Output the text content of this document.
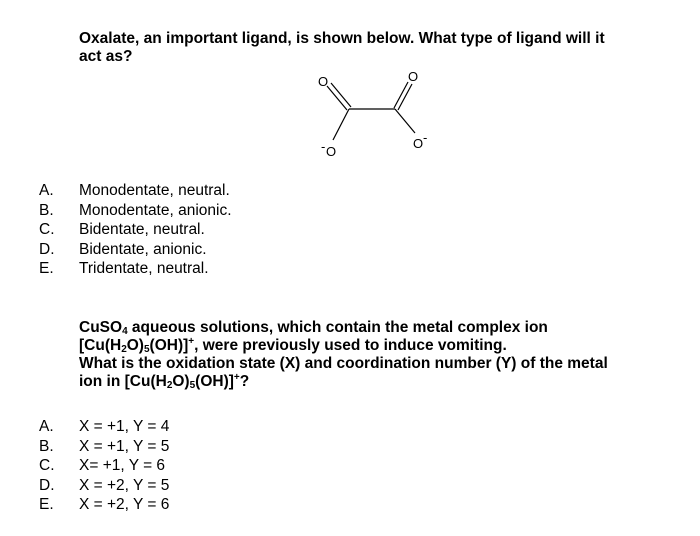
Oxalate, an important ligand, is shown below. What type of ligand will it
act as?
O	O
- O
O -
A.	Monodentate, neutral.
B.	Monodentate, anionic.
C.	Bidentate, neutral.
D.	Bidentate, anionic.
E.	Tridentate, neutral.
CuSO$_4$ aqueous solutions, which contain the metal complex ion
$[Cu(H_2O)_5(OH)]^+$, were previously used to induce vomiting.
What is the oxidation state (X) and coordination number (Y) of the metal
ion in $[Cu(H_2O)_5(OH)]^+$?
A.	X = +1, Y = 4
B.	X = +1, Y = 5
C.	X= +1, Y = 6
D.	X = +2, Y = 5
E.	X = +2, Y = 6
